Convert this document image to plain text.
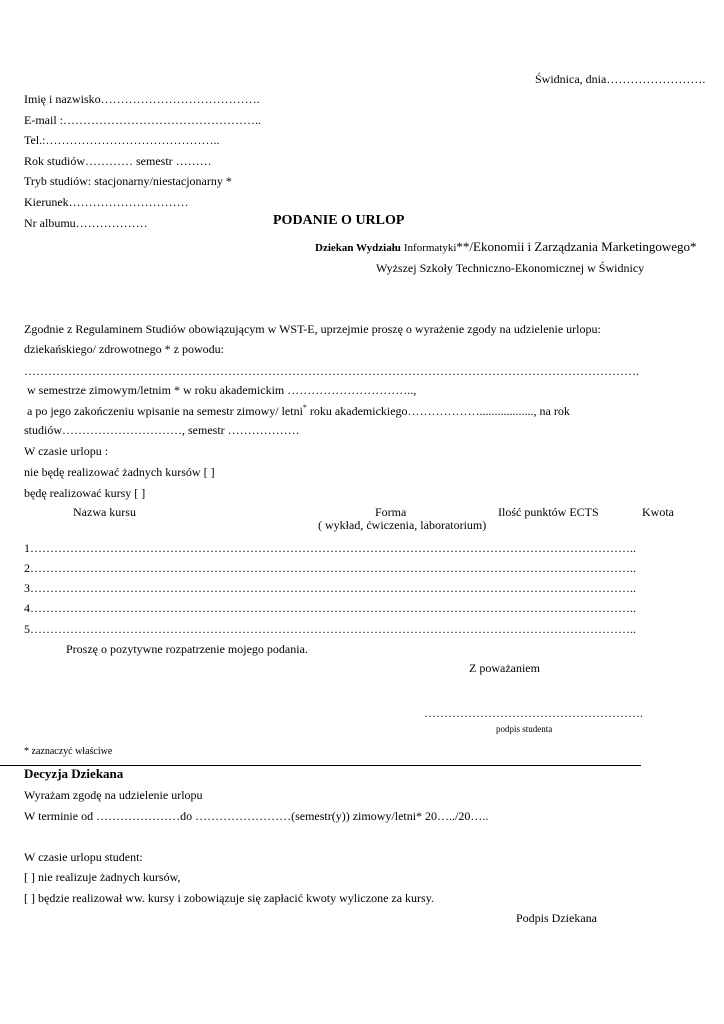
Świdnica, dnia…………………….
Imię i nazwisko………………………………….
E-mail :…………………………………………..
Tel.:……………………………………..
Rok studiów………… semestr ………
Tryb studiów: stacjonarny/niestacjonarny *
Kierunek…………………………
Nr albumu………………	PODANIE O URLOP
Dziekan Wydziału Informatyki**/Ekonomii i Zarządzania Marketingowego*
Wyższej Szkoły Techniczno-Ekonomicznej w Świdnicy
Zgodnie z Regulaminem Studiów obowiązującym w WST-E, uprzejmie proszę o wyrażenie zgody na udzielenie urlopu:
dziekańskiego/ zdrowotnego * z powodu:
……………………………………………………………………………………………………………………………………….
w semestrze zimowym/letnim * w roku akademickim …………………………..,
a po jego zakończeniu wpisanie na semestr zimowy/ letni* roku akademickiego……………….................., na rok
studiów…………………………, semestr ………………
W czasie urlopu :
nie będę realizować żadnych kursów [ ]
będę realizować kursy [ ]
Nazwa kursu	Forma	Ilość punktów ECTS	Kwota
( wykład, ćwiczenia, laboratorium)
1……………………………………………………………………………………………………………………………………..
2……………………………………………………………………………………………………………………………………..
3……………………………………………………………………………………………………………………………………..
4……………………………………………………………………………………………………………………………………..
5……………………………………………………………………………………………………………………………………..
Proszę o pozytywne rozpatrzenie mojego podania.
Z poważaniem
……………………………………………….
podpis studenta
* zaznaczyć właściwe
Decyzja Dziekana
Wyrażam zgodę na udzielenie urlopu
W terminie od …………………do ……………………(semestr(y)) zimowy/letni* 20…../20…..
W czasie urlopu student:
[ ] nie realizuje żadnych kursów,
[ ] będzie realizował ww. kursy i zobowiązuje się zapłacić kwoty wyliczone za kursy.
Podpis Dziekana
